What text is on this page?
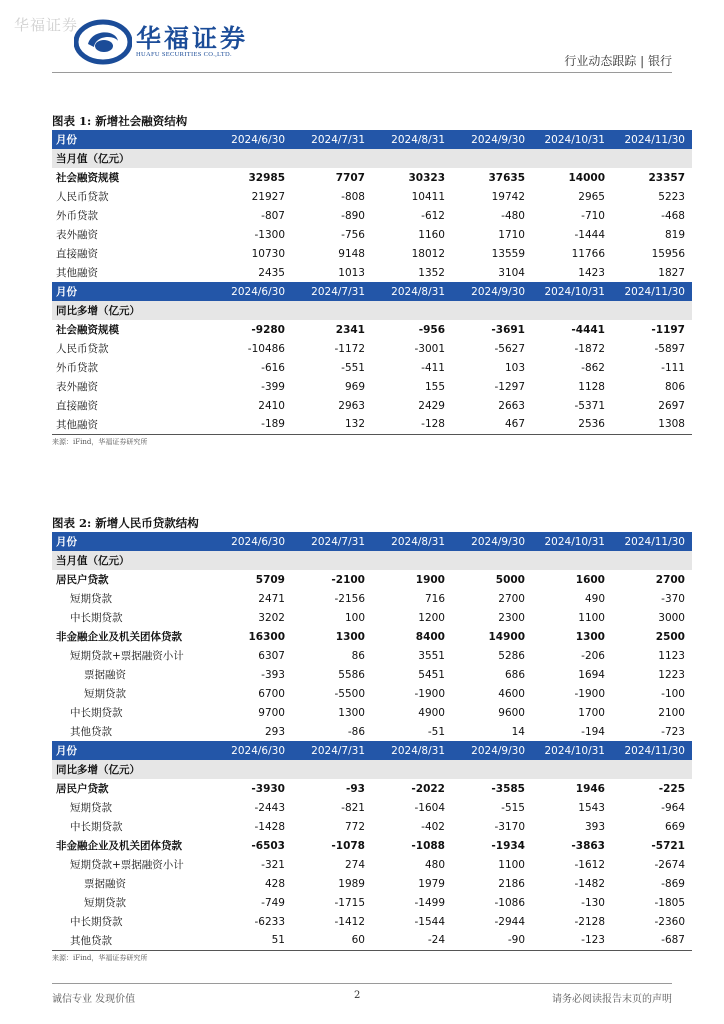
华福证券 华福证券
HUAFU SECURITIES CO.,LTD.	行业动态跟踪 | 银行
图表 1: 新增社会融资结构
月份	2024/6/30	2024/7/31	2024/8/31	2024/9/30	2024/10/31	2024/11/30
当月值（亿元）						
社会融资规模	32985	7707	30323	37635	14000	23357
人民币贷款	21927	-808	10411	19742	2965	5223
外币贷款	-807	-890	-612	-480	-710	-468
表外融资	-1300	-756	1160	1710	-1444	819
直接融资	10730	9148	18012	13559	11766	15956
其他融资	2435	1013	1352	3104	1423	1827
月份	2024/6/30	2024/7/31	2024/8/31	2024/9/30	2024/10/31	2024/11/30
同比多增（亿元）						
社会融资规模	-9280	2341	-956	-3691	-4441	-1197
人民币贷款	-10486	-1172	-3001	-5627	-1872	-5897
外币贷款	-616	-551	-411	103	-862	-111
表外融资	-399	969	155	-1297	1128	806
直接融资	2410	2963	2429	2663	-5371	2697
其他融资	-189	132	-128	467	2536	1308
来源：iFind，华福证券研究所
图表 2: 新增人民币贷款结构
月份	2024/6/30	2024/7/31	2024/8/31	2024/9/30	2024/10/31	2024/11/30
当月值（亿元）						
居民户贷款	5709	-2100	1900	5000	1600	2700
短期贷款	2471	-2156	716	2700	490	-370
中长期贷款	3202	100	1200	2300	1100	3000
非金融企业及机关团体贷款	16300	1300	8400	14900	1300	2500
短期贷款+票据融资小计	6307	86	3551	5286	-206	1123
票据融资	-393	5586	5451	686	1694	1223
短期贷款	6700	-5500	-1900	4600	-1900	-100
中长期贷款	9700	1300	4900	9600	1700	2100
其他贷款	293	-86	-51	14	-194	-723
月份	2024/6/30	2024/7/31	2024/8/31	2024/9/30	2024/10/31	2024/11/30
同比多增（亿元）						
居民户贷款	-3930	-93	-2022	-3585	1946	-225
短期贷款	-2443	-821	-1604	-515	1543	-964
中长期贷款	-1428	772	-402	-3170	393	669
非金融企业及机关团体贷款	-6503	-1078	-1088	-1934	-3863	-5721
短期贷款+票据融资小计	-321	274	480	1100	-1612	-2674
票据融资	428	1989	1979	2186	-1482	-869
短期贷款	-749	-1715	-1499	-1086	-130	-1805
中长期贷款	-6233	-1412	-1544	-2944	-2128	-2360
其他贷款	51	60	-24	-90	-123	-687
来源：iFind，华福证券研究所
诚信专业 发现价值	2	请务必阅读报告末页的声明
